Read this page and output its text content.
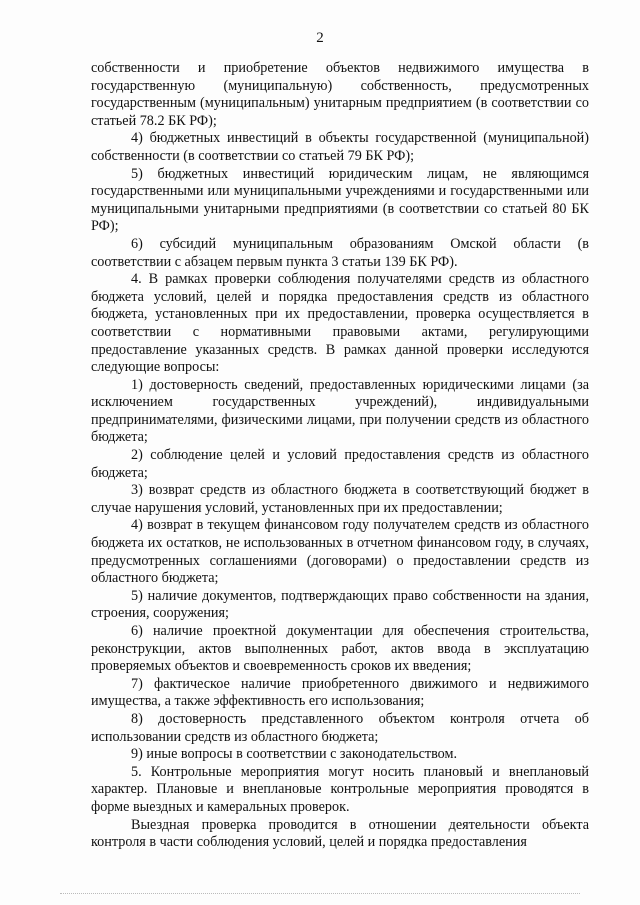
2

собственности и приобретение объектов недвижимого имущества в государственную (муниципальную) собственность, предусмотренных государственным (муниципальным) унитарным предприятием (в соответствии со статьей 78.2 БК РФ);

4) бюджетных инвестиций в объекты государственной (муниципальной) собственности (в соответствии со статьей 79 БК РФ);

5) бюджетных инвестиций юридическим лицам, не являющимся государственными или муниципальными учреждениями и государственными или муниципальными унитарными предприятиями (в соответствии со статьей 80 БК РФ);

6) субсидий муниципальным образованиям Омской области (в соответствии с абзацем первым пункта 3 статьи 139 БК РФ).

4. В рамках проверки соблюдения получателями средств из областного бюджета условий, целей и порядка предоставления средств из областного бюджета, установленных при их предоставлении, проверка осуществляется в соответствии с нормативными правовыми актами, регулирующими предоставление указанных средств. В рамках данной проверки исследуются следующие вопросы:

1) достоверность сведений, предоставленных юридическими лицами (за исключением государственных учреждений), индивидуальными предпринимателями, физическими лицами, при получении средств из областного бюджета;

2) соблюдение целей и условий предоставления средств из областного бюджета;

3) возврат средств из областного бюджета в соответствующий бюджет в случае нарушения условий, установленных при их предоставлении;

4) возврат в текущем финансовом году получателем средств из областного бюджета их остатков, не использованных в отчетном финансовом году, в случаях, предусмотренных соглашениями (договорами) о предоставлении средств из областного бюджета;

5) наличие документов, подтверждающих право собственности на здания, строения, сооружения;

6) наличие проектной документации для обеспечения строительства, реконструкции, актов выполненных работ, актов ввода в эксплуатацию проверяемых объектов и своевременность сроков их введения;

7) фактическое наличие приобретенного движимого и недвижимого имущества, а также эффективность его использования;

8) достоверность представленного объектом контроля отчета об использовании средств из областного бюджета;

9) иные вопросы в соответствии с законодательством.

5. Контрольные мероприятия могут носить плановый и внеплановый характер. Плановые и внеплановые контрольные мероприятия проводятся в форме выездных и камеральных проверок.

Выездная проверка проводится в отношении деятельности объекта контроля в части соблюдения условий, целей и порядка предоставления
